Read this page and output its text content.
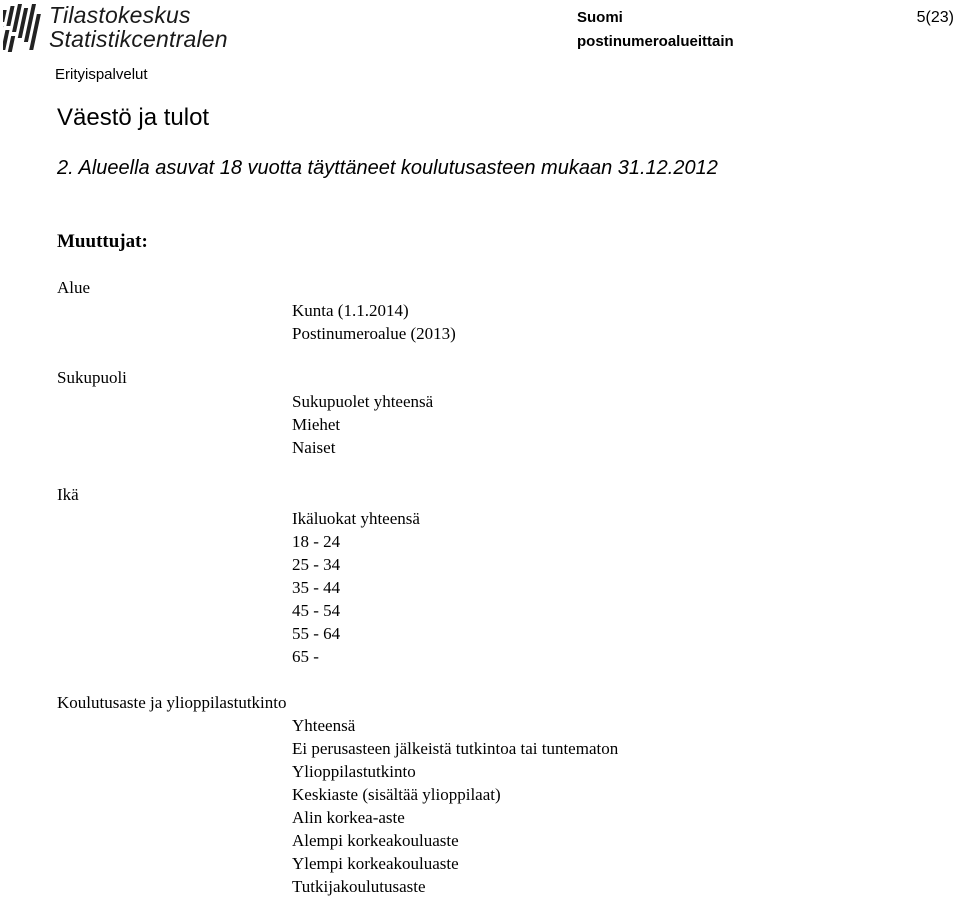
Tilastokeskus
Statistikcentralen
Erityispalvelut
Suomi
postinumeroalueittain
5(23)
Väestö ja tulot
2. Alueella asuvat 18 vuotta täyttäneet koulutusasteen mukaan 31.12.2012
Muuttujat:
Alue
Kunta (1.1.2014)
Postinumeroalue (2013)
Sukupuoli
Sukupuolet yhteensä
Miehet
Naiset
Ikä
Ikäluokat yhteensä
18 - 24
25 - 34
35 - 44
45 - 54
55 - 64
65 -
Koulutusaste ja ylioppilastutkinto
Yhteensä
Ei perusasteen jälkeistä tutkintoa tai tuntematon
Ylioppilastutkinto
Keskiaste (sisältää ylioppilaat)
Alin korkea-aste
Alempi korkeakouluaste
Ylempi korkeakouluaste
Tutkijakoulutusaste
